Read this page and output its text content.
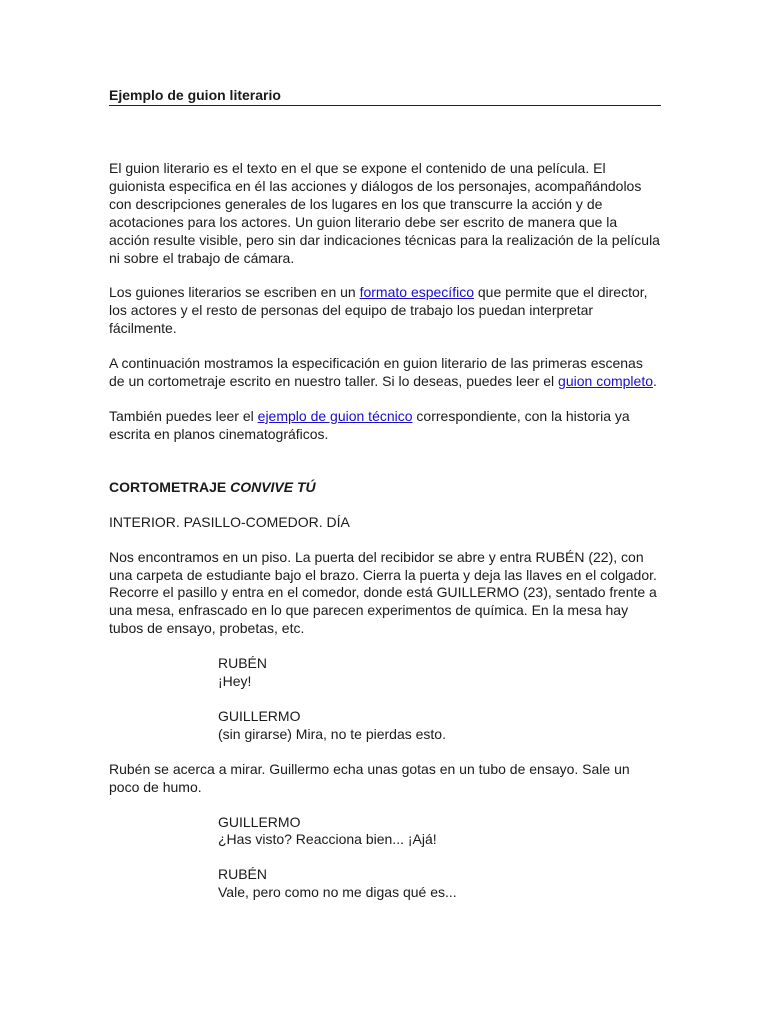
Ejemplo de guion literario

El guion literario es el texto en el que se expone el contenido de una película. El guionista especifica en él las acciones y diálogos de los personajes, acompañándolos con descripciones generales de los lugares en los que transcurre la acción y de acotaciones para los actores. Un guion literario debe ser escrito de manera que la acción resulte visible, pero sin dar indicaciones técnicas para la realización de la película ni sobre el trabajo de cámara.

Los guiones literarios se escriben en un formato específico que permite que el director, los actores y el resto de personas del equipo de trabajo los puedan interpretar fácilmente.

A continuación mostramos la especificación en guion literario de las primeras escenas de un cortometraje escrito en nuestro taller. Si lo deseas, puedes leer el guion completo.

También puedes leer el ejemplo de guion técnico correspondiente, con la historia ya escrita en planos cinematográficos.

CORTOMETRAJE CONVIVE TÚ

INTERIOR. PASILLO-COMEDOR. DÍA

Nos encontramos en un piso. La puerta del recibidor se abre y entra RUBÉN (22), con una carpeta de estudiante bajo el brazo. Cierra la puerta y deja las llaves en el colgador. Recorre el pasillo y entra en el comedor, donde está GUILLERMO (23), sentado frente a una mesa, enfrascado en lo que parecen experimentos de química. En la mesa hay tubos de ensayo, probetas, etc.

RUBÉN
¡Hey!

GUILLERMO
(sin girarse) Mira, no te pierdas esto.

Rubén se acerca a mirar. Guillermo echa unas gotas en un tubo de ensayo. Sale un poco de humo.

GUILLERMO
¿Has visto? Reacciona bien... ¡Ajá!

RUBÉN
Vale, pero como no me digas qué es...
